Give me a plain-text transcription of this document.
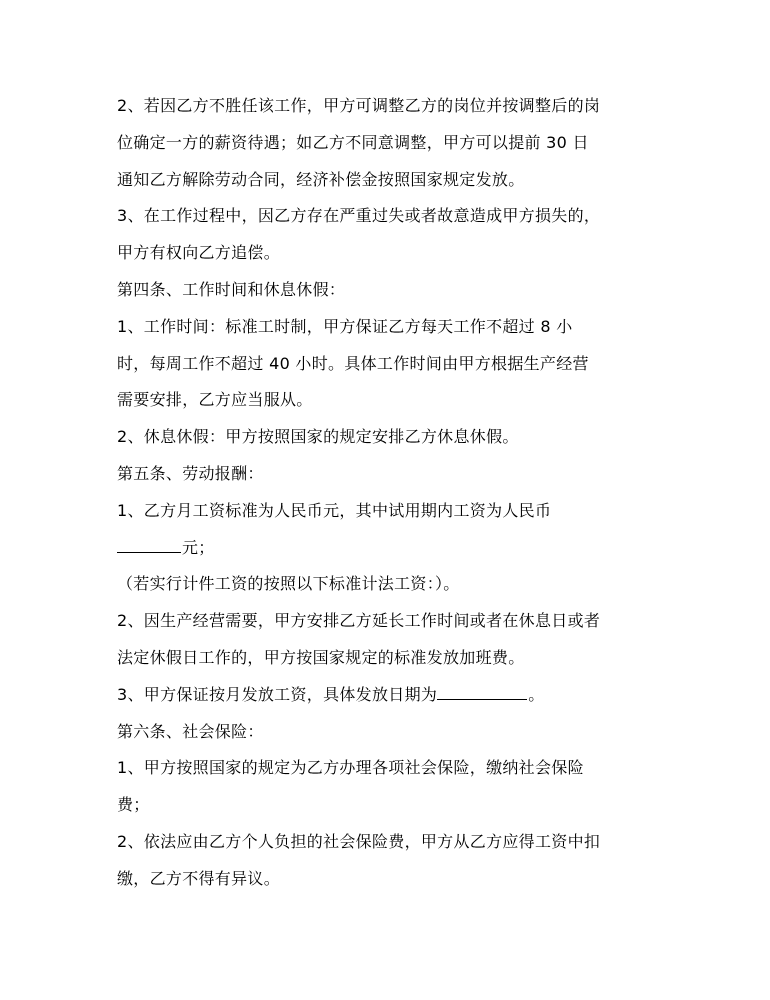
2、若因乙方不胜任该工作，甲方可调整乙方的岗位并按调整后的岗
位确定一方的薪资待遇；如乙方不同意调整，甲方可以提前 30 日
通知乙方解除劳动合同，经济补偿金按照国家规定发放。
3、在工作过程中，因乙方存在严重过失或者故意造成甲方损失的，
甲方有权向乙方追偿。
第四条、工作时间和休息休假：
1、工作时间：标准工时制，甲方保证乙方每天工作不超过 8 小
时，每周工作不超过 40 小时。具体工作时间由甲方根据生产经营
需要安排，乙方应当服从。
2、休息休假：甲方按照国家的规定安排乙方休息休假。
第五条、劳动报酬：
1、乙方月工资标准为人民币元，其中试用期内工资为人民币
元；
（若实行计件工资的按照以下标准计法工资：）。
2、因生产经营需要，甲方安排乙方延长工作时间或者在休息日或者
法定休假日工作的，甲方按国家规定的标准发放加班费。
3、甲方保证按月发放工资，具体发放日期为	。
第六条、社会保险：
1、甲方按照国家的规定为乙方办理各项社会保险，缴纳社会保险
费；
2、依法应由乙方个人负担的社会保险费，甲方从乙方应得工资中扣
缴，乙方不得有异议。
